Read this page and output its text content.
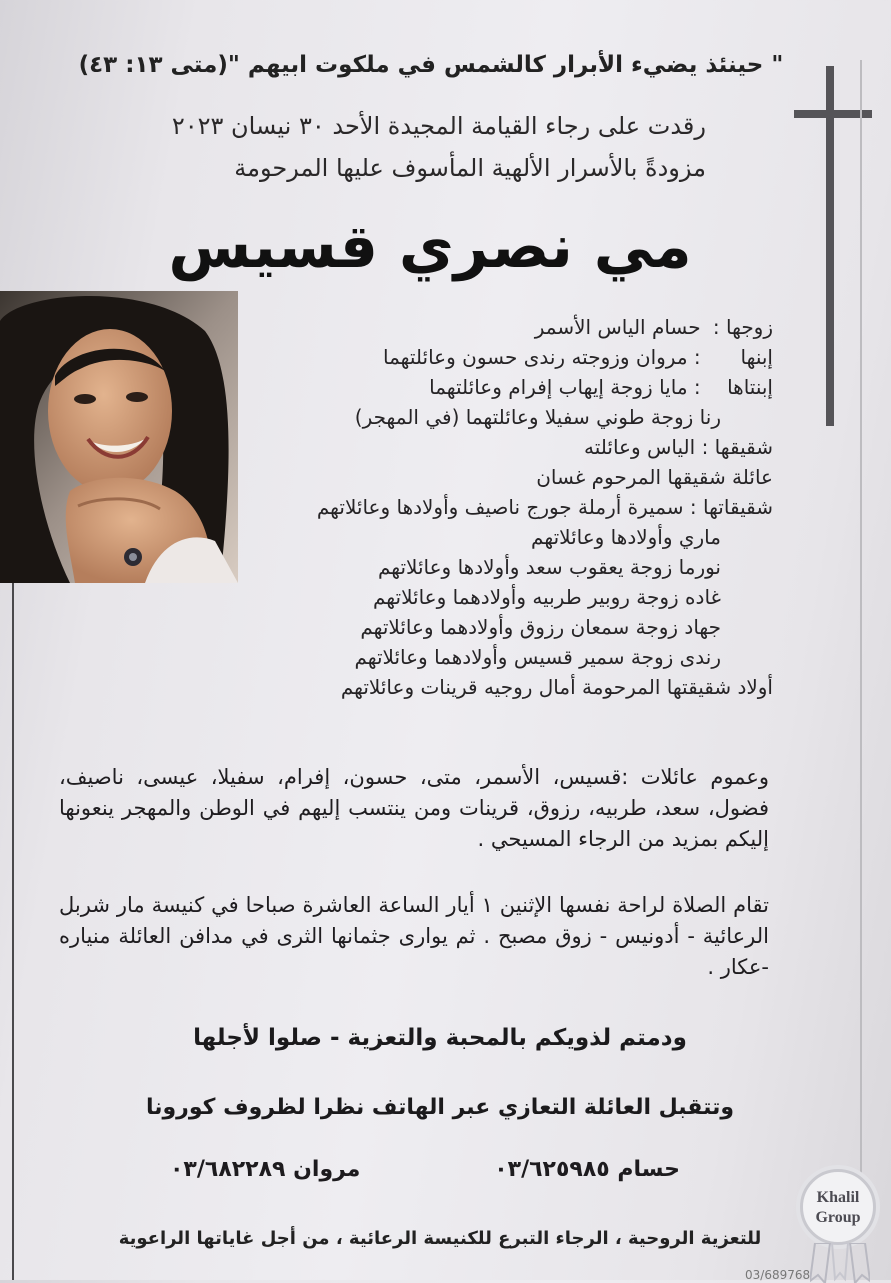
" حينئذ يضيء الأبرار كالشمس في ملكوت ابيهم "(متى ١٣: ٤٣)
رقدت على رجاء القيامة المجيدة الأحد ٣٠ نيسان ٢٠٢٣
مزودةً بالأسرار الألهية المأسوف عليها المرحومة
مي نصري قسيس
زوجها : حسام الياس الأسمر
إبنها : مروان وزوجته رندى حسون وعائلتهما
إبنتاها : مايا زوجة إيهاب إفرام وعائلتهما
رنا زوجة طوني سفيلا وعائلتهما (في المهجر)
شقيقها : الياس وعائلته
عائلة شقيقها المرحوم غسان
شقيقاتها : سميرة أرملة جورج ناصيف وأولادها وعائلاتهم
ماري وأولادها وعائلاتهم
نورما زوجة يعقوب سعد وأولادها وعائلاتهم
غاده زوجة روبير طربيه وأولادهما وعائلاتهم
جهاد زوجة سمعان رزوق وأولادهما وعائلاتهم
رندى زوجة سمير قسيس وأولادهما وعائلاتهم
أولاد شقيقتها المرحومة أمال روجيه قرينات وعائلاتهم
وعموم عائلات :قسيس، الأسمر، متى، حسون، إفرام، سفيلا، عيسى، ناصيف، فضول، سعد، طربيه، رزوق، قرينات ومن ينتسب إليهم في الوطن والمهجر ينعونها إليكم بمزيد من الرجاء المسيحي .
تقام الصلاة لراحة نفسها الإثنين ١ أيار الساعة العاشرة صباحا في كنيسة مار شربل الرعائية - أدونيس - زوق مصبح . ثم يوارى جثمانها الثرى في مدافن العائلة منياره -عكار .
ودمتم لذويكم بالمحبة والتعزية - صلوا لأجلها
وتتقبل العائلة التعازي عبر الهاتف نظرا لظروف كورونا
حسام ٠٣/٦٢٥٩٨٥
مروان ٠٣/٦٨٢٢٨٩
للتعزية الروحية ، الرجاء التبرع للكنيسة الرعائية ، من أجل غاياتها الراعوية
Khalil
Group
03/689768
